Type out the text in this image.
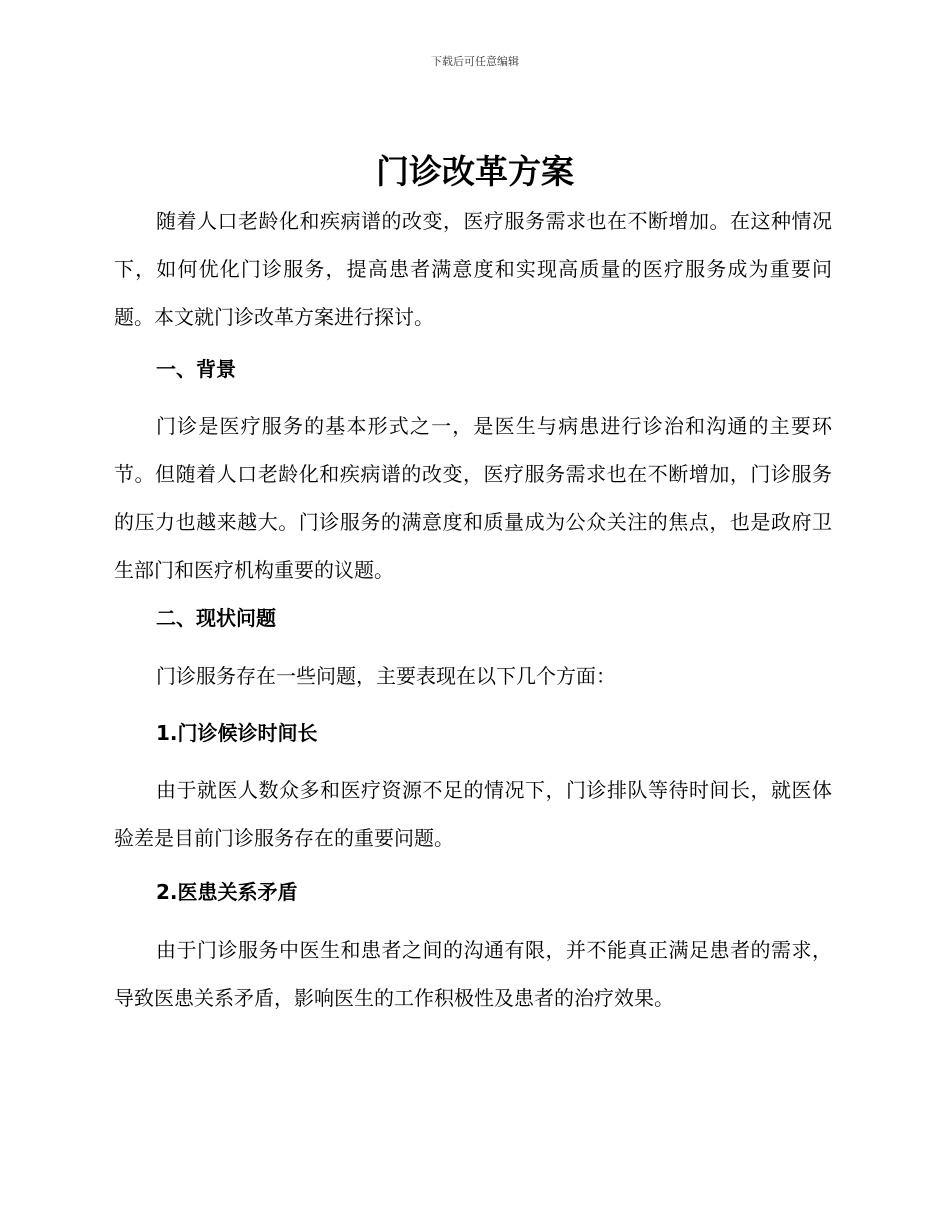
下载后可任意编辑
门诊改革方案

随着人口老龄化和疾病谱的改变，医疗服务需求也在不断增加。在这种情况下，如何优化门诊服务，提高患者满意度和实现高质量的医疗服务成为重要问题。本文就门诊改革方案进行探讨。

一、背景

门诊是医疗服务的基本形式之一，是医生与病患进行诊治和沟通的主要环节。但随着人口老龄化和疾病谱的改变，医疗服务需求也在不断增加，门诊服务的压力也越来越大。门诊服务的满意度和质量成为公众关注的焦点，也是政府卫生部门和医疗机构重要的议题。

二、现状问题

门诊服务存在一些问题，主要表现在以下几个方面：

1.门诊候诊时间长

由于就医人数众多和医疗资源不足的情况下，门诊排队等待时间长，就医体验差是目前门诊服务存在的重要问题。

2.医患关系矛盾

由于门诊服务中医生和患者之间的沟通有限，并不能真正满足患者的需求，导致医患关系矛盾，影响医生的工作积极性及患者的治疗效果。
